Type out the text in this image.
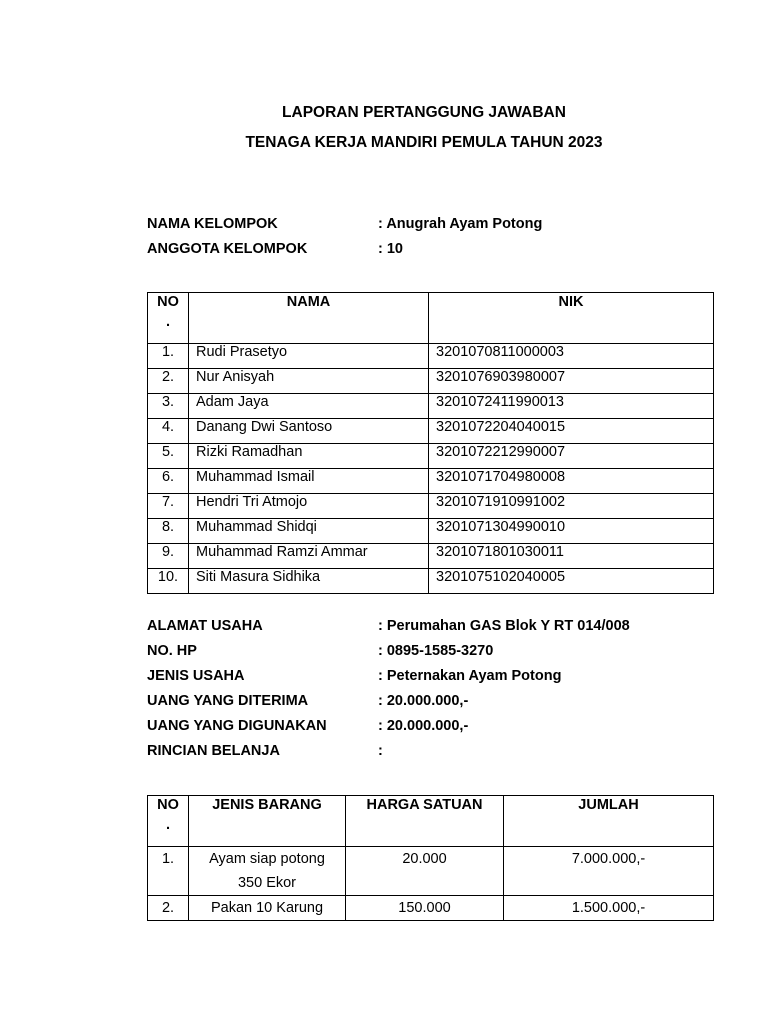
LAPORAN PERTANGGUNG JAWABAN
TENAGA KERJA MANDIRI PEMULA TAHUN 2023
NAMA KELOMPOK	: Anugrah Ayam Potong
ANGGOTA KELOMPOK	: 10
NO
.	NAMA	NIK
1.	Rudi Prasetyo	3201070811000003
2.	Nur Anisyah	3201076903980007
3.	Adam Jaya	3201072411990013
4.	Danang Dwi Santoso	3201072204040015
5.	Rizki Ramadhan	3201072212990007
6.	Muhammad Ismail	3201071704980008
7.	Hendri Tri Atmojo	3201071910991002
8.	Muhammad Shidqi	3201071304990010
9.	Muhammad Ramzi Ammar	3201071801030011
10.	Siti Masura Sidhika	3201075102040005
ALAMAT USAHA	: Perumahan GAS Blok Y RT 014/008
NO. HP	: 0895-1585-3270
JENIS USAHA	: Peternakan Ayam Potong
UANG YANG DITERIMA	: 20.000.000,-
UANG YANG DIGUNAKAN	: 20.000.000,-
RINCIAN BELANJA	:
NO
.	JENIS BARANG	HARGA SATUAN	JUMLAH
1.	Ayam siap potong
350 Ekor	20.000	7.000.000,-
2.	Pakan 10 Karung	150.000	1.500.000,-
